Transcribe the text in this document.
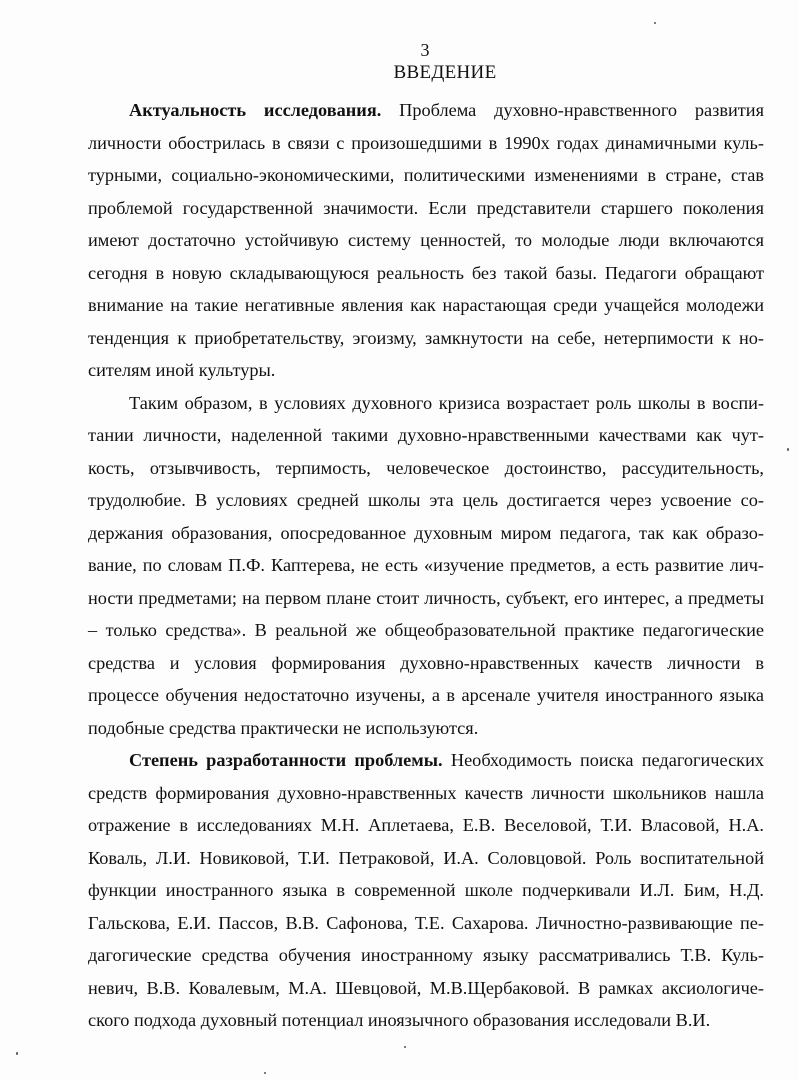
3
ВВЕДЕНИЕ

Актуальность исследования. Проблема духовно-нравственного развития личности обострилась в связи с произошедшими в 1990х годах динамичными культурными, социально-экономическими, политическими изменениями в стране, став проблемой государственной значимости. Если представители старшего поколения имеют достаточно устойчивую систему ценностей, то молодые люди включаются сегодня в новую складывающуюся реальность без такой базы. Педагоги обращают внимание на такие негативные явления как нарастающая среди учащейся молодежи тенденция к приобретательству, эгоизму, замкнутости на себе, нетерпимости к носителям иной культуры.

Таким образом, в условиях духовного кризиса возрастает роль школы в воспитании личности, наделенной такими духовно-нравственными качествами как чуткость, отзывчивость, терпимость, человеческое достоинство, рассудительность, трудолюбие. В условиях средней школы эта цель достигается через усвоение содержания образования, опосредованное духовным миром педагога, так как образование, по словам П.Ф. Каптерева, не есть «изучение предметов, а есть развитие личности предметами; на первом плане стоит личность, субъект, его интерес, а предметы – только средства». В реальной же общеобразовательной практике педагогические средства и условия формирования духовно-нравственных качеств личности в процессе обучения недостаточно изучены, а в арсенале учителя иностранного языка подобные средства практически не используются.

Степень разработанности проблемы. Необходимость поиска педагогических средств формирования духовно-нравственных качеств личности школьников нашла отражение в исследованиях М.Н. Аплетаева, Е.В. Веселовой, Т.И. Власовой, Н.А. Коваль, Л.И. Новиковой, Т.И. Петраковой, И.А. Соловцовой. Роль воспитательной функции иностранного языка в современной школе подчеркивали И.Л. Бим, Н.Д. Гальскова, Е.И. Пассов, В.В. Сафонова, Т.Е. Сахарова. Личностно-развивающие педагогические средства обучения иностранному языку рассматривались Т.В. Кульневич, В.В. Ковалевым, М.А. Шевцовой, М.В.Щербаковой. В рамках аксиологического подхода духовный потенциал иноязычного образования исследовали В.И.
